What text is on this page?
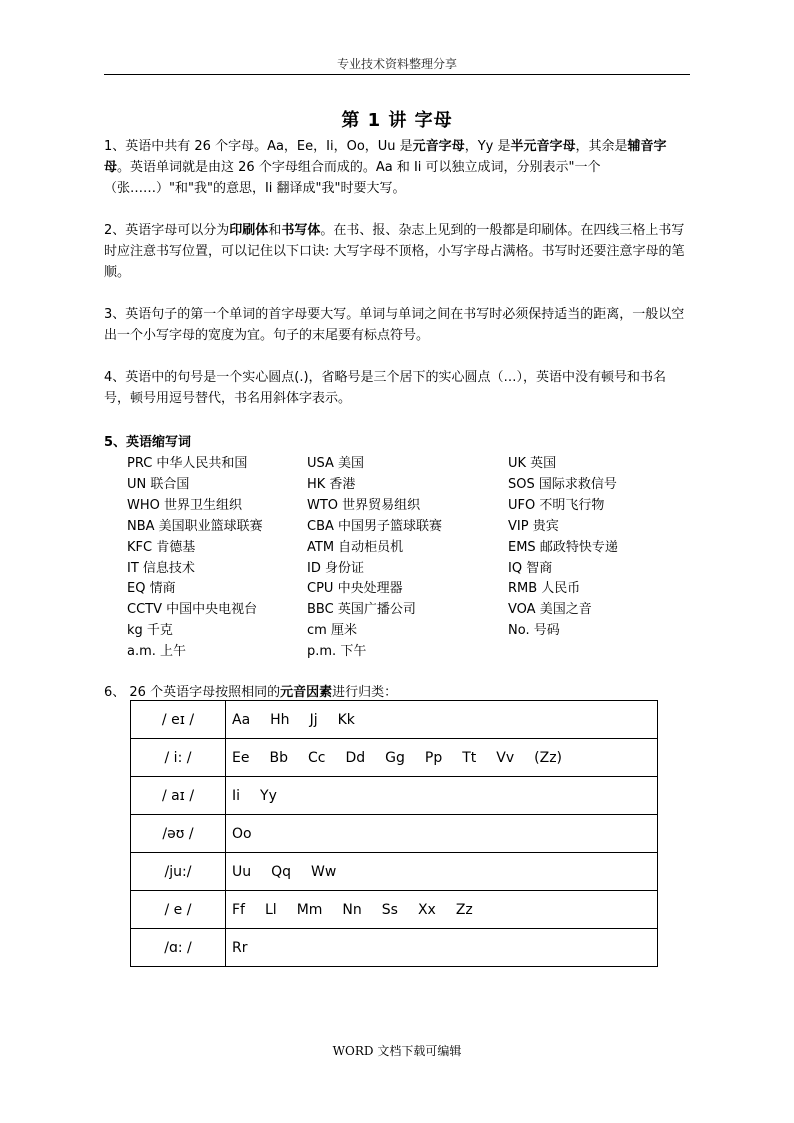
专业技术资料整理分享
第 1 讲 字母
1、英语中共有 26 个字母。Aa，Ee，Ii，Oo，Uu 是元音字母，Yy 是半元音字母，其余是辅音字母。英语单词就是由这 26 个字母组合而成的。Aa 和 Ii 可以独立成词，分别表示"一个（张……）"和"我"的意思，Ii 翻译成"我"时要大写。
2、英语字母可以分为印刷体和书写体。在书、报、杂志上见到的一般都是印刷体。在四线三格上书写时应注意书写位置，可以记住以下口诀: 大写字母不顶格，小写字母占满格。书写时还要注意字母的笔顺。
3、英语句子的第一个单词的首字母要大写。单词与单词之间在书写时必须保持适当的距离，一般以空出一个小写字母的宽度为宜。句子的末尾要有标点符号。
4、英语中的句号是一个实心圆点(.)，省略号是三个居下的实心圆点（…），英语中没有顿号和书名号，顿号用逗号替代，书名用斜体字表示。
5、英语缩写词
PRC 中华人民共和国	USA 美国	UK 英国
UN 联合国	HK 香港	SOS 国际求救信号
WHO 世界卫生组织	WTO 世界贸易组织	UFO 不明飞行物
NBA 美国职业篮球联赛	CBA 中国男子篮球联赛	VIP 贵宾
KFC 肯德基	ATM 自动柜员机	EMS 邮政特快专递
IT 信息技术	ID 身份证	IQ 智商
EQ 情商	CPU 中央处理器	RMB 人民币
CCTV 中国中央电视台	BBC 英国广播公司	VOA 美国之音
kg 千克	cm 厘米	No. 号码
a.m. 上午	p.m. 下午
6、 26 个英语字母按照相同的元音因素进行归类：
/ eɪ /	Aa Hh Jj Kk
/ i: /	Ee Bb Cc Dd Gg Pp Tt Vv (Zz)
/ aɪ /	Ii Yy
/əʊ /	Oo
/ju:/	Uu Qq Ww
/ e /	Ff Ll Mm Nn Ss Xx Zz
/ɑ: /	Rr
WORD 文档下载可编辑
